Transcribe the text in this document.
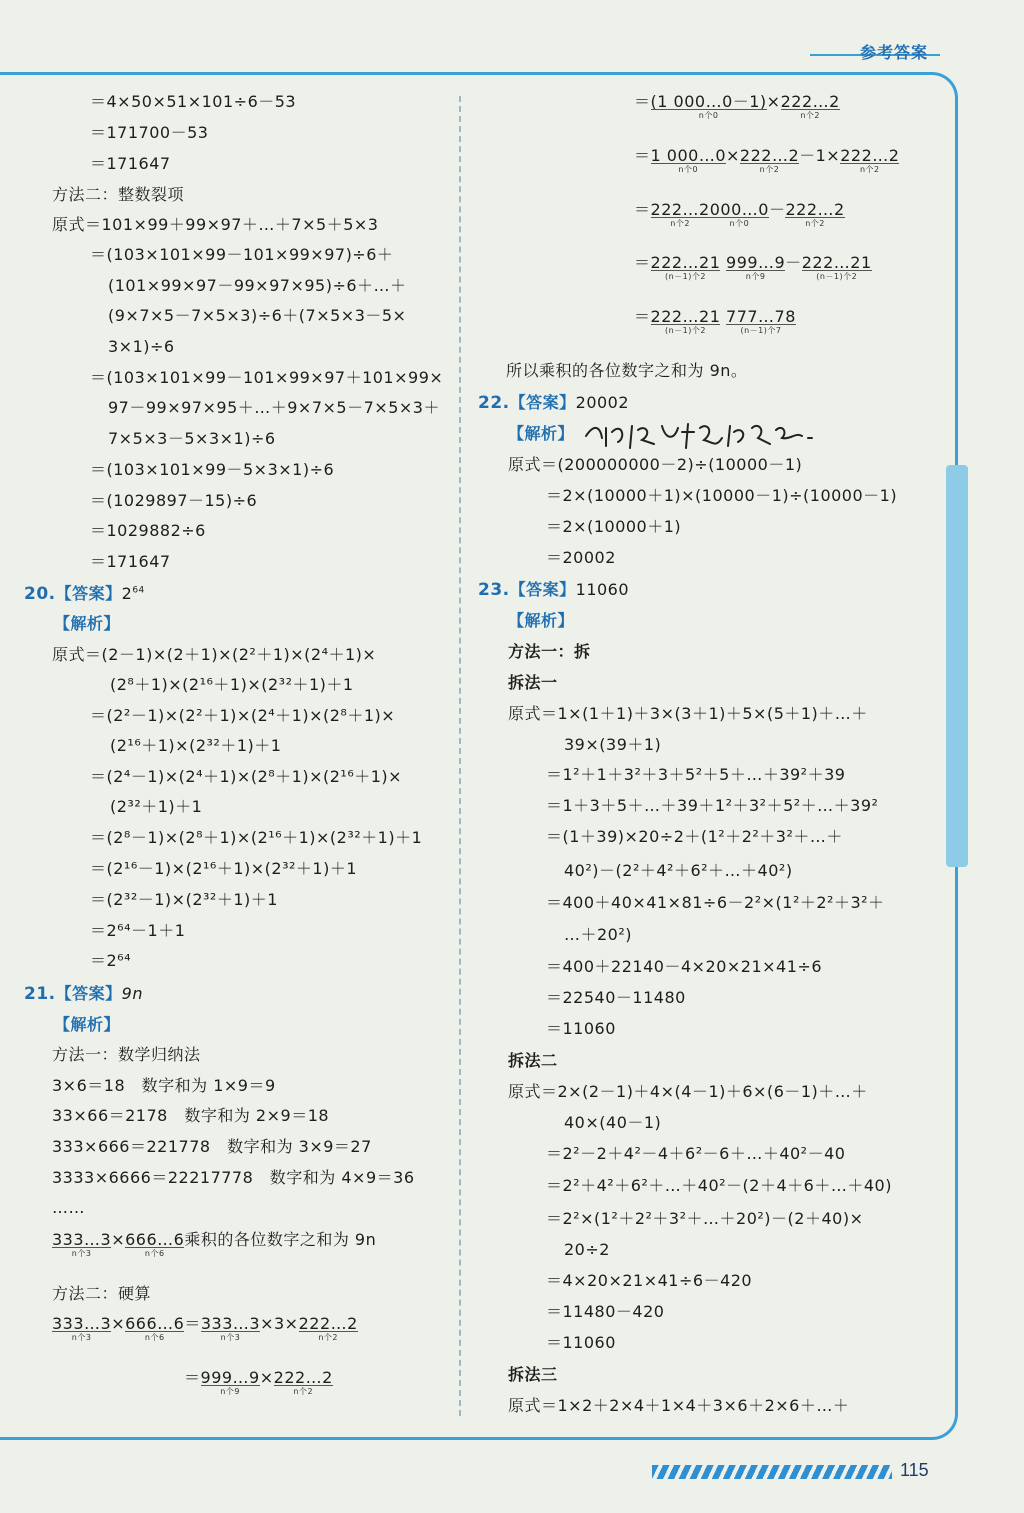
参考答案
＝4×50×51×101÷6－53
＝171700－53
＝171647
方法二：整数裂项
原式＝101×99＋99×97＋…＋7×5＋5×3
＝(103×101×99－101×99×97)÷6＋
(101×99×97－99×97×95)÷6＋…＋
(9×7×5－7×5×3)÷6＋(7×5×3－5×
3×1)÷6
＝(103×101×99－101×99×97＋101×99×
97－99×97×95＋…＋9×7×5－7×5×3＋
7×5×3－5×3×1)÷6
＝(103×101×99－5×3×1)÷6
＝(1029897－15)÷6
＝1029882÷6
＝171647
20.【答案】$2^{64}$
【解析】
原式＝(2－1)×(2＋1)×(2²＋1)×(2⁴＋1)×
(2⁸＋1)×(2¹⁶＋1)×(2³²＋1)＋1
＝(2²－1)×(2²＋1)×(2⁴＋1)×(2⁸＋1)×
(2¹⁶＋1)×(2³²＋1)＋1
＝(2⁴－1)×(2⁴＋1)×(2⁸＋1)×(2¹⁶＋1)×
(2³²＋1)＋1
＝(2⁸－1)×(2⁸＋1)×(2¹⁶＋1)×(2³²＋1)＋1
＝(2¹⁶－1)×(2¹⁶＋1)×(2³²＋1)＋1
＝(2³²－1)×(2³²＋1)＋1
＝2⁶⁴－1＋1
＝2⁶⁴
21.【答案】9n
【解析】
方法一：数学归纳法
3×6＝18　数字和为 1×9＝9
33×66＝2178　数字和为 2×9＝18
333×666＝221778　数字和为 3×9＝27
3333×6666＝22217778　数字和为 4×9＝36
……
333…3
n个3
×666…6
n个6
乘积的各位数字之和为 9n
方法二：硬算
333…3
n个3
×666…6
n个6
＝333…3
n个3
×3×222…2
n个2
＝999…9
n个9
×222…2
n个2
＝(1 000…0－1)
n个0
×222…2
n个2
＝1 000…0
n个0
×222…2
n个2
－1×222…2
n个2
＝222…2
n个2
000…0
n个0
－222…2
n个2
＝222…21
(n－1)个2
999…9
n个9
－222…21
(n－1)个2
＝222…21
(n－1)个2
777…78
(n－1)个7
所以乘积的各位数字之和为 9n。
22.【答案】20002
【解析】
原式＝(200000000－2)÷(10000－1)
＝2×(10000＋1)×(10000－1)÷(10000－1)
＝2×(10000＋1)
＝20002
23.【答案】11060
【解析】
方法一：拆
拆法一
原式＝1×(1＋1)＋3×(3＋1)＋5×(5＋1)＋…＋
39×(39＋1)
＝1²＋1＋3²＋3＋5²＋5＋…＋39²＋39
＝1＋3＋5＋…＋39＋1²＋3²＋5²＋…＋39²
＝(1＋39)×20÷2＋(1²＋2²＋3²＋…＋
40²)－(2²＋4²＋6²＋…＋40²)
＝400＋40×41×81÷6－2²×(1²＋2²＋3²＋
…＋20²)
＝400＋22140－4×20×21×41÷6
＝22540－11480
＝11060
拆法二
原式＝2×(2－1)＋4×(4－1)＋6×(6－1)＋…＋
40×(40－1)
＝2²－2＋4²－4＋6²－6＋…＋40²－40
＝2²＋4²＋6²＋…＋40²－(2＋4＋6＋…＋40)
＝2²×(1²＋2²＋3²＋…＋20²)－(2＋40)×
20÷2
＝4×20×21×41÷6－420
＝11480－420
＝11060
拆法三
原式＝1×2＋2×4＋1×4＋3×6＋2×6＋…＋
115
